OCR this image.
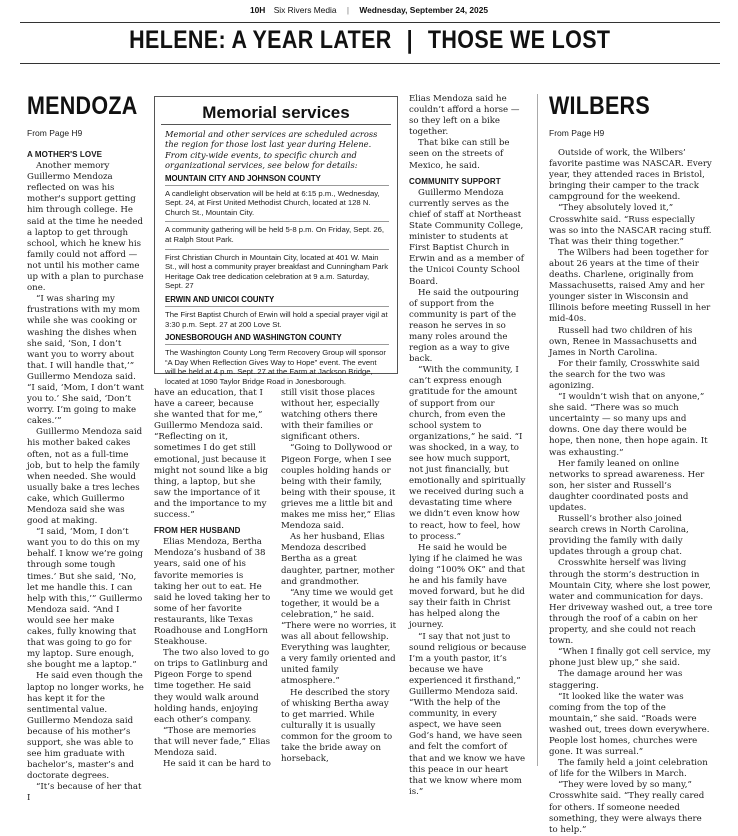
10H Six Rivers Media | Wednesday, September 24, 2025
HELENE: A YEAR LATER | THOSE WE LOST
MENDOZA
From Page H9
A MOTHER'S LOVE

Another memory Guillermo Mendoza reflected on was his mother's support getting him through college. He said at the time he needed a laptop to get through school, which he knew his family could not afford — not until his mother came up with a plan to purchase one.

“I was sharing my frustrations with my mom while she was cooking or washing the dishes when she said, ‘Son, I don’t want you to worry about that. I will handle that,’” Guillermo Mendoza said. “I said, ‘Mom, I don’t want you to.’ She said, ‘Don’t worry. I’m going to make cakes.’”

Guillermo Mendoza said his mother baked cakes often, not as a full-time job, but to help the family when needed. She would usually bake a tres leches cake, which Guillermo Mendoza said she was good at making.

“I said, ‘Mom, I don’t want you to do this on my behalf. I know we’re going through some tough times.’ But she said, ‘No, let me handle this. I can help with this,’” Guillermo Mendoza said. “And I would see her make cakes, fully knowing that that was going to go for my laptop. Sure enough, she bought me a laptop.”

He said even though the laptop no longer works, he has kept it for the sentimental value. Guillermo Mendoza said because of his mother’s support, she was able to see him graduate with bachelor’s, master’s and doctorate degrees.

“It’s because of her that I

have an education, that I have a career, because she wanted that for me,” Guillermo Mendoza said. “Reflecting on it, sometimes I do get still emotional, just because it might not sound like a big thing, a laptop, but she saw the importance of it and the importance to my success.”

FROM HER HUSBAND

Elias Mendoza, Bertha Mendoza’s husband of 38 years, said one of his favorite memories is taking her out to eat. He said he loved taking her to some of her favorite restaurants, like Texas Roadhouse and LongHorn Steakhouse.

The two also loved to go on trips to Gatlinburg and Pigeon Forge to spend time together. He said they would walk around holding hands, enjoying each other’s company.

“Those are memories that will never fade,” Elias Mendoza said.

He said it can be hard to

still visit those places without her, especially watching others there with their families or significant others.

“Going to Dollywood or Pigeon Forge, when I see couples holding hands or being with their family, being with their spouse, it grieves me a little bit and makes me miss her,” Elias Mendoza said.

As her husband, Elias Mendoza described Bertha as a great daughter, partner, mother and grandmother.

“Any time we would get together, it would be a celebration,” he said. “There were no worries, it was all about fellowship. Everything was laughter, a very family oriented and united family atmosphere.”

He described the story of whisking Bertha away to get married. While culturally it is usually common for the groom to take the bride away on horseback,

Elias Mendoza said he couldn’t afford a horse — so they left on a bike together.

That bike can still be seen on the streets of Mexico, he said.

COMMUNITY SUPPORT

Guillermo Mendoza currently serves as the chief of staff at Northeast State Community College, minister to students at First Baptist Church in Erwin and as a member of the Unicoi County School Board.

He said the outpouring of support from the community is part of the reason he serves in so many roles around the region as a way to give back.

“With the community, I can’t express enough gratitude for the amount of support from our church, from even the school system to organizations,” he said. “I was shocked, in a way, to see how much support, not just financially, but emotionally and spiritually we received during such a devastating time where we didn’t even know how to react, how to feel, how to process.”

He said he would be lying if he claimed he was doing “100% OK” and that he and his family have moved forward, but he did say their faith in Christ has helped along the journey.

“I say that not just to sound religious or because I’m a youth pastor, it’s because we have experienced it firsthand,” Guillermo Mendoza said. “With the help of the community, in every aspect, we have seen God’s hand, we have seen and felt the comfort of that and we know we have this peace in our heart that we know where mom is.”

Memorial services

Memorial and other services are scheduled across the region for those lost last year during Helene. From city-wide events, to specific church and organizational services, see below for details:

MOUNTAIN CITY AND JOHNSON COUNTY

A candlelight observation will be held at 6:15 p.m., Wednesday, Sept. 24, at First United Methodist Church, located at 128 N. Church St., Mountain City.

A community gathering will be held 5-8 p.m. On Friday, Sept. 26, at Ralph Stout Park.

First Christian Church in Mountain City, located at 401 W. Main St., will host a community prayer breakfast and Cunningham Park Heritage Oak tree dedication celebration at 9 a.m. Saturday, Sept. 27

ERWIN AND UNICOI COUNTY

The First Baptist Church of Erwin will hold a special prayer vigil at 3:30 p.m. Sept. 27 at 200 Love St.

JONESBOROUGH AND WASHINGTON COUNTY

The Washington County Long Term Recovery Group will sponsor “A Day When Reflection Gives Way to Hope” event. The event will be held at 4 p.m. Sept. 27 at the Farm at Jackson Bridge, located at 1090 Taylor Bridge Road in Jonesborough.

WILBERS
From Page H9

Outside of work, the Wilbers’ favorite pastime was NASCAR. Every year, they attended races in Bristol, bringing their camper to the track campground for the weekend.

“They absolutely loved it,” Crosswhite said. “Russ especially was so into the NASCAR racing stuff. That was their thing together.”

The Wilbers had been together for about 26 years at the time of their deaths. Charlene, originally from Massachusetts, raised Amy and her younger sister in Wisconsin and Illinois before meeting Russell in her mid-40s.

Russell had two children of his own, Renee in Massachusetts and James in North Carolina.

For their family, Crosswhite said the search for the two was agonizing.

“I wouldn’t wish that on anyone,” she said. “There was so much uncertainty — so many ups and downs. One day there would be hope, then none, then hope again. It was exhausting.”

Her family leaned on online networks to spread awareness. Her son, her sister and Russell’s daughter coordinated posts and updates.

Russell’s brother also joined search crews in North Carolina, providing the family with daily updates through a group chat.

Crosswhite herself was living through the storm’s destruction in Mountain City, where she lost power, water and communication for days. Her driveway washed out, a tree tore through the roof of a cabin on her property, and she could not reach town.

“When I finally got cell service, my phone just blew up,” she said.

The damage around her was staggering.

“It looked like the water was coming from the top of the mountain,” she said. “Roads were washed out, trees down everywhere. People lost homes, churches were gone. It was surreal.”

The family held a joint celebration of life for the Wilbers in March.

“They were loved by so many,” Crosswhite said. “They really cared for others. If someone needed something, they were always there to help.”
